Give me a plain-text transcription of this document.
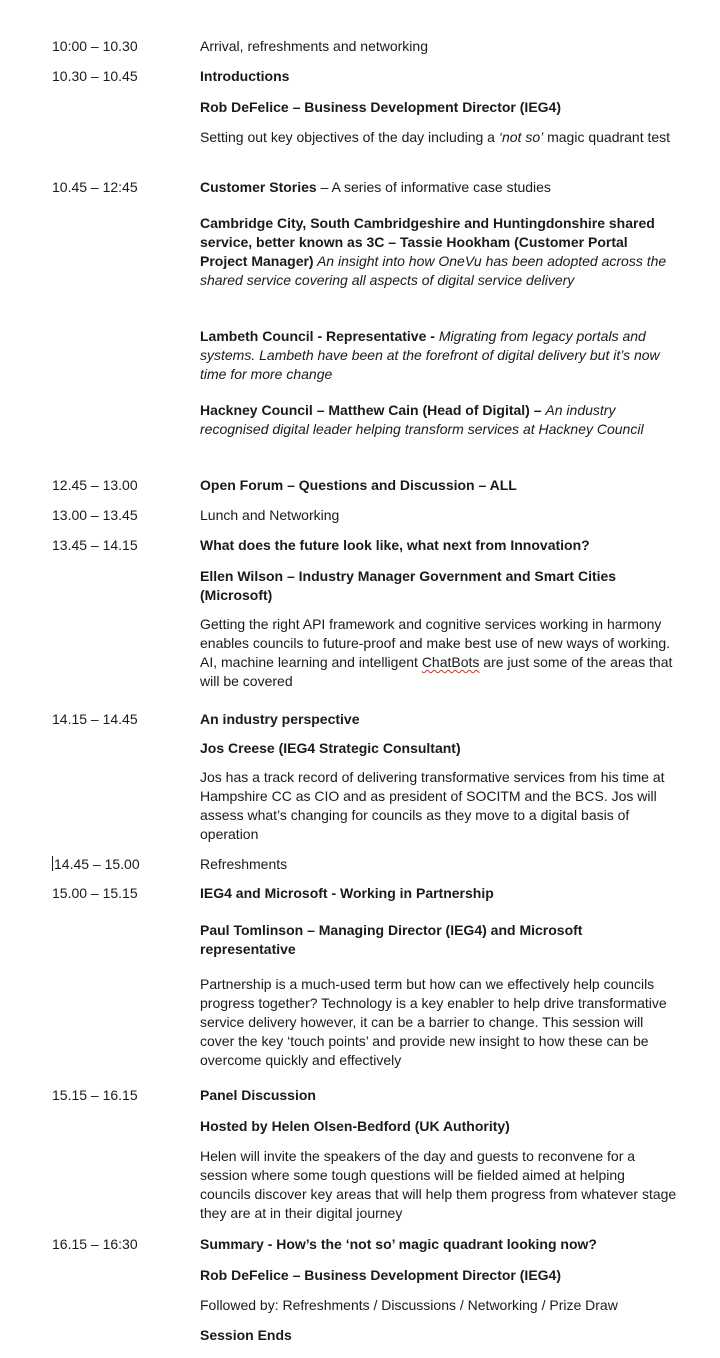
10:00 – 10.30	Arrival, refreshments and networking
10.30 – 10.45	Introductions
Rob DeFelice – Business Development Director (IEG4)
Setting out key objectives of the day including a ‘not so’ magic quadrant test
10.45 – 12:45	Customer Stories – A series of informative case studies
Cambridge City, South Cambridgeshire and Huntingdonshire shared service, better known as 3C – Tassie Hookham (Customer Portal Project Manager) An insight into how OneVu has been adopted across the shared service covering all aspects of digital service delivery
Lambeth Council - Representative - Migrating from legacy portals and systems. Lambeth have been at the forefront of digital delivery but it’s now time for more change
Hackney Council – Matthew Cain (Head of Digital) – An industry recognised digital leader helping transform services at Hackney Council
12.45 – 13.00	Open Forum – Questions and Discussion – ALL
13.00 – 13.45	Lunch and Networking
13.45 – 14.15	What does the future look like, what next from Innovation?
Ellen Wilson – Industry Manager Government and Smart Cities (Microsoft)
Getting the right API framework and cognitive services working in harmony enables councils to future-proof and make best use of new ways of working. AI, machine learning and intelligent ChatBots are just some of the areas that will be covered
14.15 – 14.45	An industry perspective
Jos Creese (IEG4 Strategic Consultant)
Jos has a track record of delivering transformative services from his time at Hampshire CC as CIO and as president of SOCITM and the BCS. Jos will assess what’s changing for councils as they move to a digital basis of operation
14.45 – 15.00	Refreshments
15.00 – 15.15	IEG4 and Microsoft - Working in Partnership
Paul Tomlinson – Managing Director (IEG4) and Microsoft representative
Partnership is a much-used term but how can we effectively help councils progress together? Technology is a key enabler to help drive transformative service delivery however, it can be a barrier to change. This session will cover the key ‘touch points’ and provide new insight to how these can be overcome quickly and effectively
15.15 – 16.15	Panel Discussion
Hosted by Helen Olsen-Bedford (UK Authority)
Helen will invite the speakers of the day and guests to reconvene for a session where some tough questions will be fielded aimed at helping councils discover key areas that will help them progress from whatever stage they are at in their digital journey
16.15 – 16:30	Summary - How’s the ‘not so’ magic quadrant looking now?
Rob DeFelice – Business Development Director (IEG4)
Followed by: Refreshments / Discussions / Networking / Prize Draw
Session Ends
